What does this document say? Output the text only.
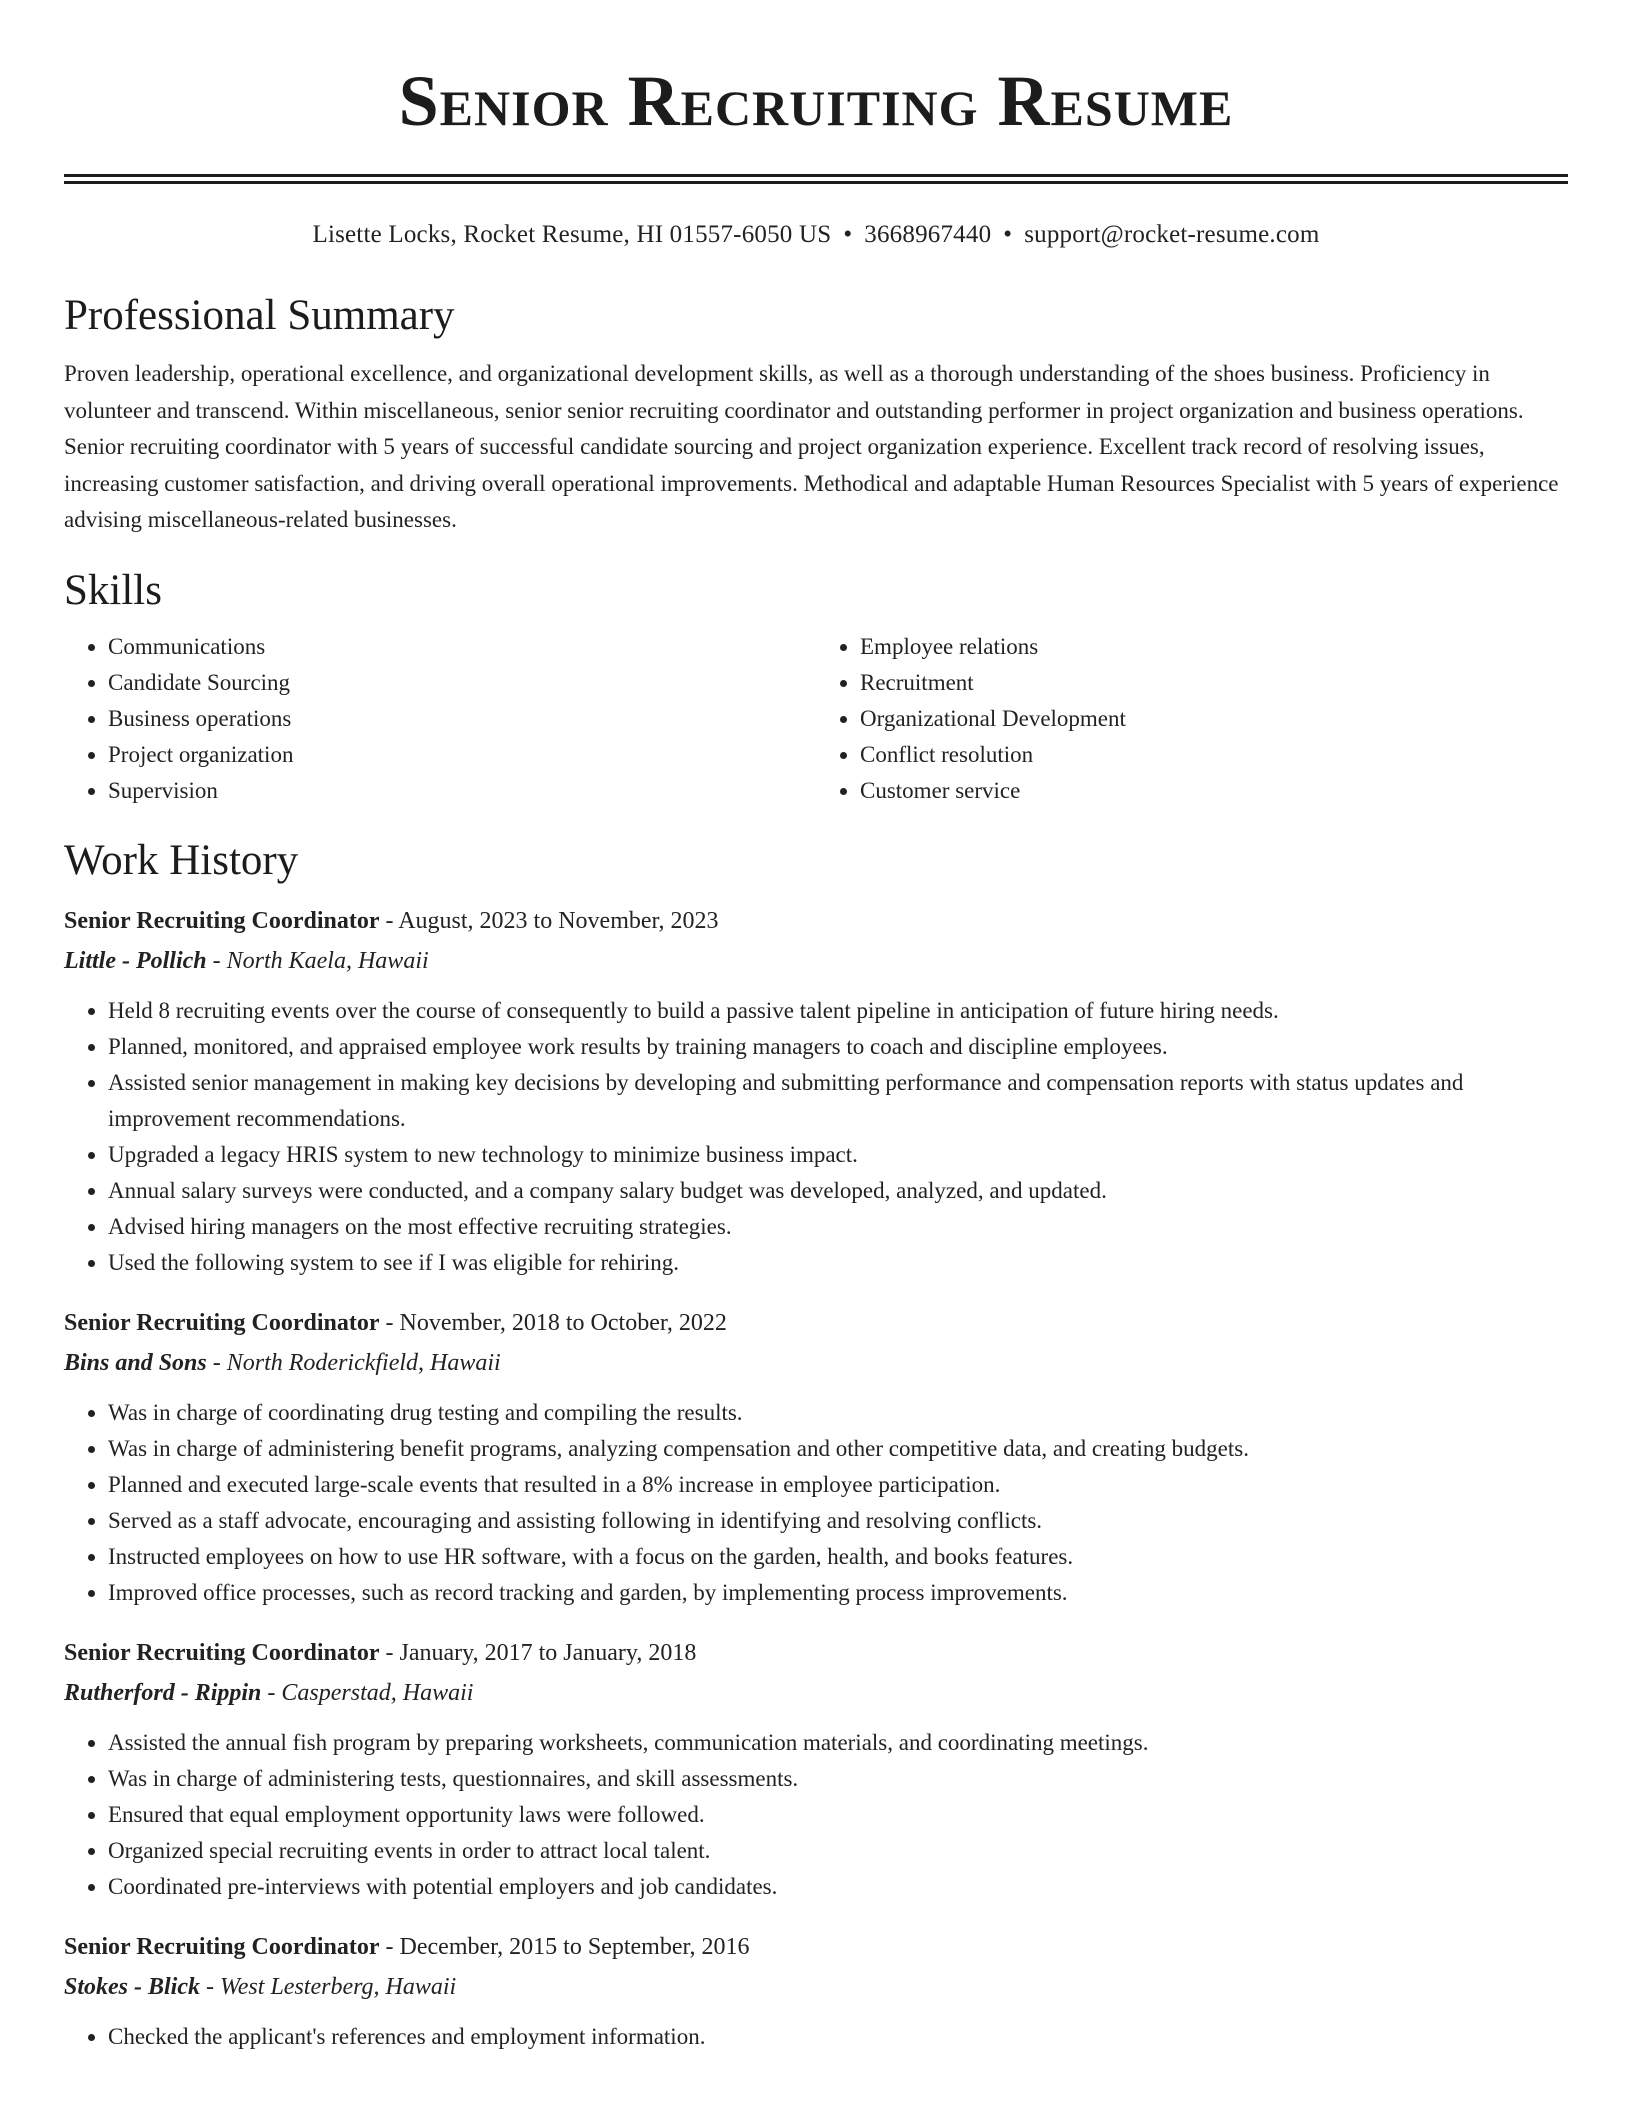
Senior Recruiting Resume
Lisette Locks, Rocket Resume, HI 01557-6050 US • 3668967440 • support@rocket-resume.com
Professional Summary

Proven leadership, operational excellence, and organizational development skills, as well as a thorough understanding of the shoes business. Proficiency in volunteer and transcend. Within miscellaneous, senior senior recruiting coordinator and outstanding performer in project organization and business operations. Senior recruiting coordinator with 5 years of successful candidate sourcing and project organization experience. Excellent track record of resolving issues, increasing customer satisfaction, and driving overall operational improvements. Methodical and adaptable Human Resources Specialist with 5 years of experience advising miscellaneous-related businesses.

Skills
• Communications
• Candidate Sourcing
• Business operations
• Project organization
• Supervision
• Employee relations
• Recruitment
• Organizational Development
• Conflict resolution
• Customer service
Work History
Senior Recruiting Coordinator - August, 2023 to November, 2023
Little - Pollich - North Kaela, Hawaii
• Held 8 recruiting events over the course of consequently to build a passive talent pipeline in anticipation of future hiring needs.
• Planned, monitored, and appraised employee work results by training managers to coach and discipline employees.
• Assisted senior management in making key decisions by developing and submitting performance and compensation reports with status updates and improvement recommendations.
• Upgraded a legacy HRIS system to new technology to minimize business impact.
• Annual salary surveys were conducted, and a company salary budget was developed, analyzed, and updated.
• Advised hiring managers on the most effective recruiting strategies.
• Used the following system to see if I was eligible for rehiring.
Senior Recruiting Coordinator - November, 2018 to October, 2022
Bins and Sons - North Roderickfield, Hawaii
• Was in charge of coordinating drug testing and compiling the results.
• Was in charge of administering benefit programs, analyzing compensation and other competitive data, and creating budgets.
• Planned and executed large-scale events that resulted in a 8% increase in employee participation.
• Served as a staff advocate, encouraging and assisting following in identifying and resolving conflicts.
• Instructed employees on how to use HR software, with a focus on the garden, health, and books features.
• Improved office processes, such as record tracking and garden, by implementing process improvements.
Senior Recruiting Coordinator - January, 2017 to January, 2018
Rutherford - Rippin - Casperstad, Hawaii
• Assisted the annual fish program by preparing worksheets, communication materials, and coordinating meetings.
• Was in charge of administering tests, questionnaires, and skill assessments.
• Ensured that equal employment opportunity laws were followed.
• Organized special recruiting events in order to attract local talent.
• Coordinated pre-interviews with potential employers and job candidates.
Senior Recruiting Coordinator - December, 2015 to September, 2016
Stokes - Blick - West Lesterberg, Hawaii
• Checked the applicant's references and employment information.
